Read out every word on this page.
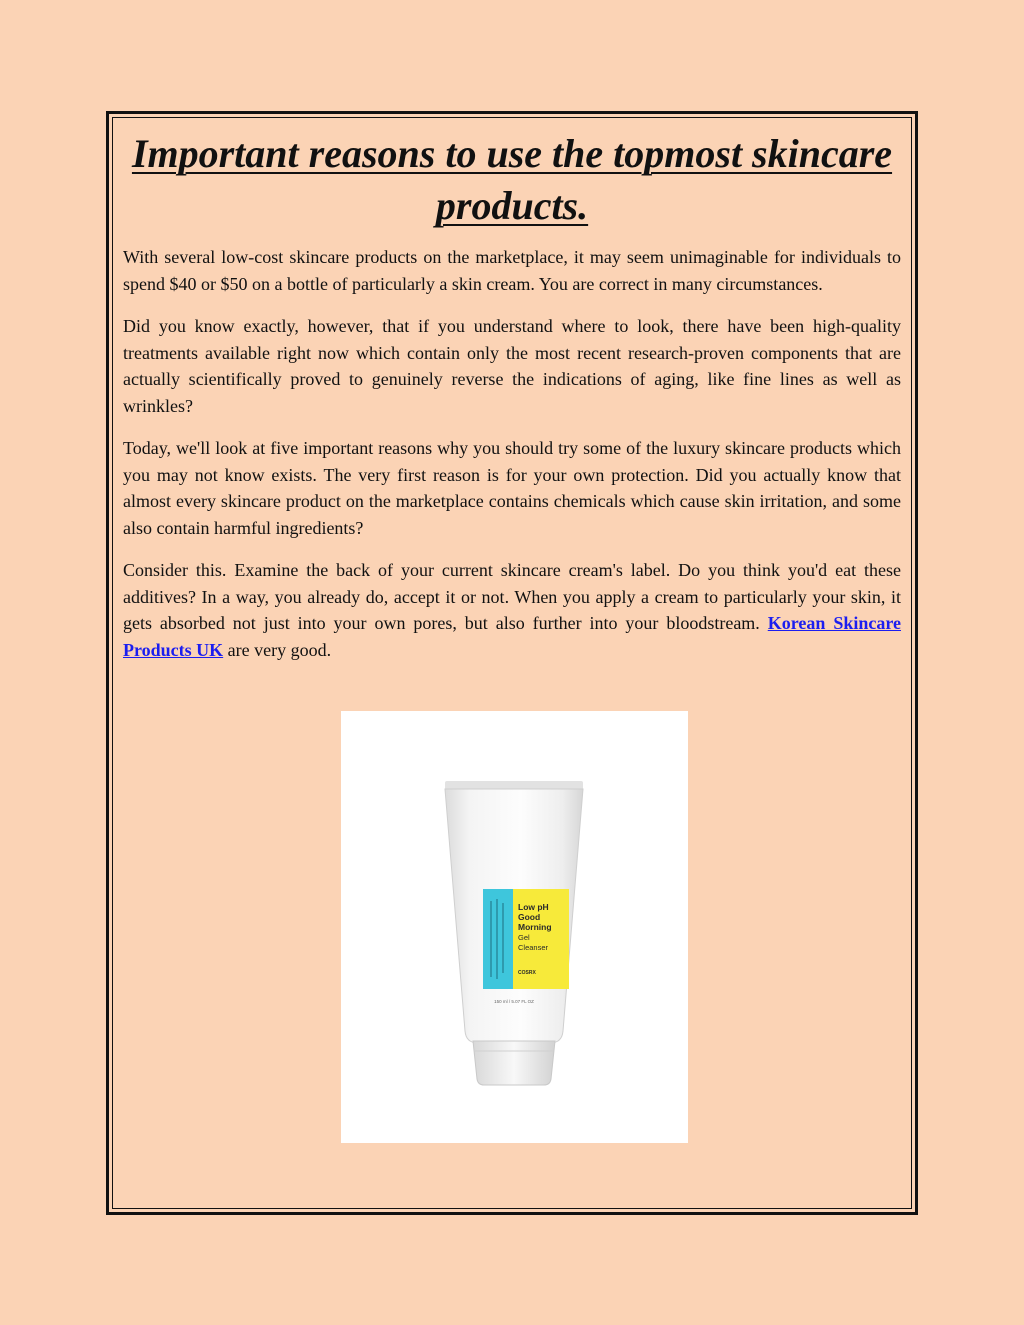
Important reasons to use the topmost skincare products.

With several low-cost skincare products on the marketplace, it may seem unimaginable for individuals to spend $40 or $50 on a bottle of particularly a skin cream. You are correct in many circumstances.

Did you know exactly, however, that if you understand where to look, there have been high-quality treatments available right now which contain only the most recent research-proven components that are actually scientifically proved to genuinely reverse the indications of aging, like fine lines as well as wrinkles?

Today, we'll look at five important reasons why you should try some of the luxury skincare products which you may not know exists. The very first reason is for your own protection. Did you actually know that almost every skincare product on the marketplace contains chemicals which cause skin irritation, and some also contain harmful ingredients?

Consider this. Examine the back of your current skincare cream's label. Do you think you'd eat these additives? In a way, you already do, accept it or not. When you apply a cream to particularly your skin, it gets absorbed not just into your own pores, but also further into your bloodstream. Korean Skincare Products UK are very good.

Low pH
Good
Morning
Gel
Cleanser
COSRX
150 ml / 5.07 FL OZ
